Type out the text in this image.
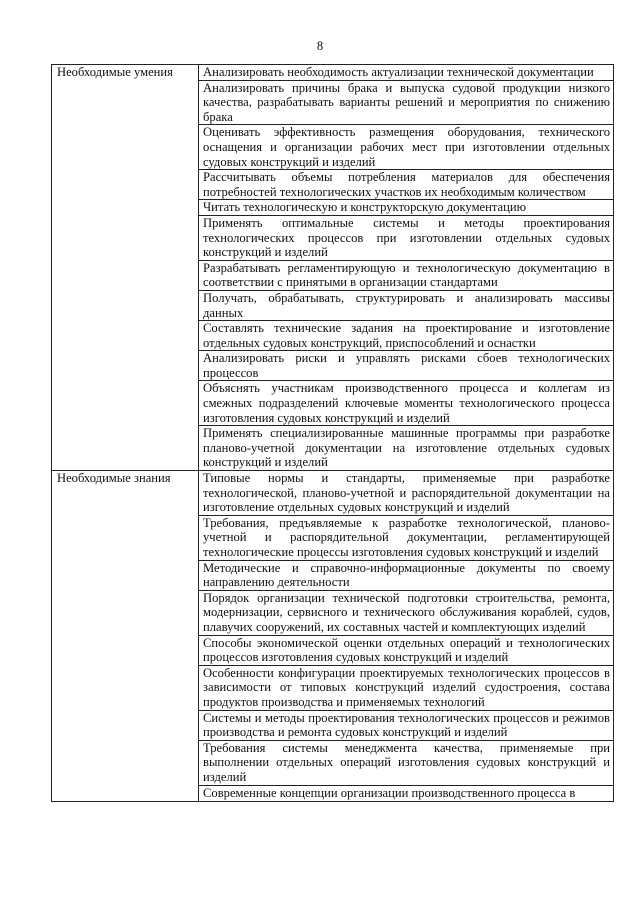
8
Необходимые умения	Анализировать необходимость актуализации технической документации
	Анализировать причины брака и выпуска судовой продукции низкого качества, разрабатывать варианты решений и мероприятия по снижению брака
	Оценивать эффективность размещения оборудования, технического оснащения и организации рабочих мест при изготовлении отдельных судовых конструкций и изделий
	Рассчитывать объемы потребления материалов для обеспечения потребностей технологических участков их необходимым количеством
	Читать технологическую и конструкторскую документацию
	Применять оптимальные системы и методы проектирования технологических процессов при изготовлении отдельных судовых конструкций и изделий
	Разрабатывать регламентирующую и технологическую документацию в соответствии с принятыми в организации стандартами
	Получать, обрабатывать, структурировать и анализировать массивы данных
	Составлять технические задания на проектирование и изготовление отдельных судовых конструкций, приспособлений и оснастки
	Анализировать риски и управлять рисками сбоев технологических процессов
	Объяснять участникам производственного процесса и коллегам из смежных подразделений ключевые моменты технологического процесса изготовления судовых конструкций и изделий
	Применять специализированные машинные программы при разработке планово-учетной документации на изготовление отдельных судовых конструкций и изделий
Необходимые знания	Типовые нормы и стандарты, применяемые при разработке технологической, планово-учетной и распорядительной документации на изготовление отдельных судовых конструкций и изделий
	Требования, предъявляемые к разработке технологической, планово-учетной и распорядительной документации, регламентирующей технологические процессы изготовления судовых конструкций и изделий
	Методические и справочно-информационные документы по своему направлению деятельности
	Порядок организации технической подготовки строительства, ремонта, модернизации, сервисного и технического обслуживания кораблей, судов, плавучих сооружений, их составных частей и комплектующих изделий
	Способы экономической оценки отдельных операций и технологических процессов изготовления судовых конструкций и изделий
	Особенности конфигурации проектируемых технологических процессов в зависимости от типовых конструкций изделий судостроения, состава продуктов производства и применяемых технологий
	Системы и методы проектирования технологических процессов и режимов производства и ремонта судовых конструкций и изделий
	Требования системы менеджмента качества, применяемые при выполнении отдельных операций изготовления судовых конструкций и изделий
	Современные концепции организации производственного процесса в
